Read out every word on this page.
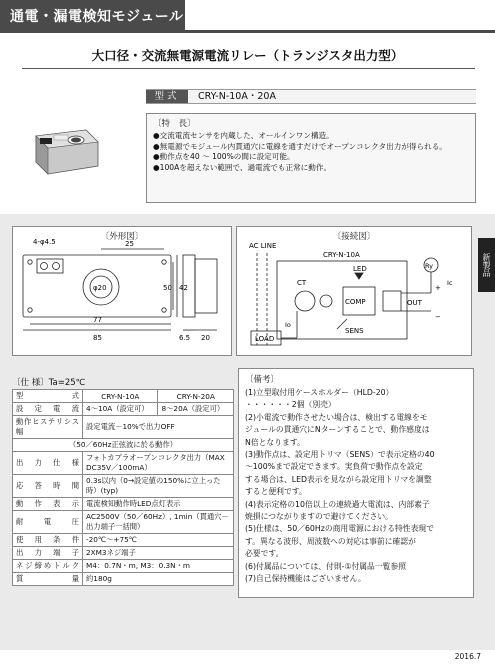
通電・漏電検知モジュール
大口径・交流無電源電流リレー（トランジスタ出力型）
型式	CRY-N-10A・20A
〔特　長〕
●交流電流センサを内蔵した、オールインワン構造。
●無電源でモジュール内貫通穴に電線を通すだけでオープンコレクタ出力が得られる。
●動作点を40 ～ 100%の間に設定可能。
●100Aを超えない範囲で、過電流でも正常に動作。
〔外形図〕
4-φ4.5	25
42
50
77
85	6.5 20
φ20
〔接続図〕
AC LINE
CRY-N-10A
LED	Ry
CT
COMP	OUT
LOAD
SENS
Io
Ic
+
−
新製品
〔仕 様〕Ta=25℃
型　　　式	CRY-N-10A	CRY-N-20A
設 定 電 流	4～10A（設定可）	8～20A（設定可）
動作ヒステリシス幅	設定電流－10%で出力OFF	
（50／60Hz正弦波に於る動作）		
出 力 仕 様	フォトカプラオープンコレクタ出力（MAX DC35V／100mA）	
応 答 時 間	0.3s以内（0→設定値の150%に立上った時）(typ)	
動 作 表 示	電流検知動作時LED点灯表示	
耐 電 圧	AC2500V（50／60Hz）, 1min（貫通穴－出力端子一括間）	
使 用 条 件	-20℃～+75℃	
出 力 端 子	2XM3ネジ端子	
ネジ締めトルク	M4：0.7N・m, M3：0.3N・m	
質　　　量	約180g	
〔備考〕
(1)立型取付用ケースホルダー（HLD-20）
・・・・・・2個（別売）
(2)小電流で動作させたい場合は、検出する電線をモ
ジュールの貫通穴にNターンすることで、動作感度は
N倍となります。
(3)動作点は、設定用トリマ（SENS）で表示定格の40
～100%まで設定できます。実負荷で動作点を設定
する場合は、LED表示を見ながら設定用トリマを調整
すると便利です。
(4)表示定格の10倍以上の連続過大電流は、内部素子
焼損につながりますので避けてください。
(5)仕様は、50／60Hzの商用電源における特性表現で
す。異なる波形、周波数への対応は事前に確認が
必要です。
(6)付属品については、付則-①付属品一覧参照
(7)自己保持機能はございません。
2016.7
